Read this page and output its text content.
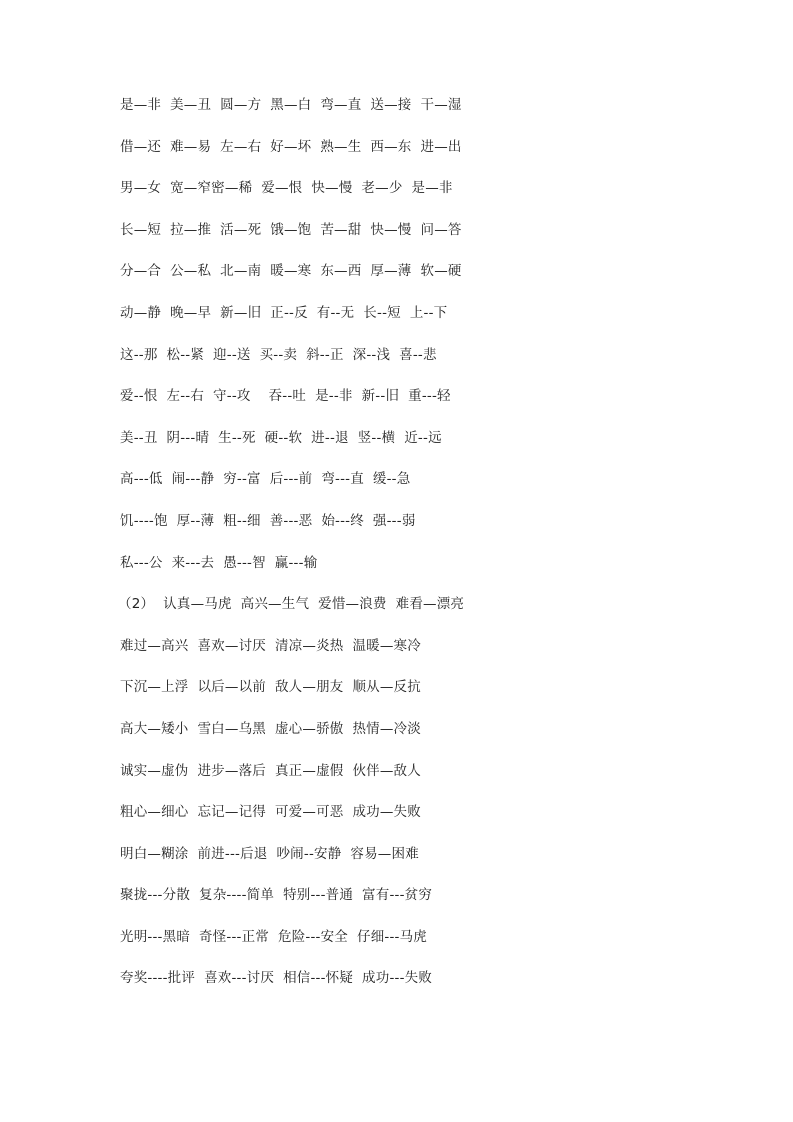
是—非  美—丑  圆—方  黑—白  弯—直  送—接  干—湿
借—还  难—易  左—右  好—坏  熟—生  西—东  进—出
男—女  宽—窄密—稀  爱—恨  快—慢  老—少  是—非
长—短  拉—推  活—死  饿—饱  苦—甜  快—慢  问—答
分—合  公—私  北—南  暖—寒  东—西  厚—薄  软—硬
动—静  晚—早  新—旧  正--反  有--无  长--短  上--下
这--那  松--紧  迎--送  买--卖  斜--正  深--浅  喜--悲
爱--恨  左--右  守--攻    吞--吐  是--非  新--旧  重---轻
美--丑  阴---晴  生--死  硬--软  进--退  竖--横  近--远
高---低  闹---静  穷--富  后---前  弯---直  缓--急
饥----饱  厚--薄  粗--细  善---恶  始---终  强---弱
私---公  来---去  愚---智  赢---输
（2）  认真—马虎  高兴—生气  爱惜—浪费  难看—漂亮
难过—高兴  喜欢—讨厌  清凉—炎热  温暖—寒冷
下沉—上浮  以后—以前  敌人—朋友  顺从—反抗
高大—矮小  雪白—乌黑  虚心—骄傲  热情—冷淡
诚实—虚伪  进步—落后  真正—虚假  伙伴—敌人
粗心—细心  忘记—记得  可爱—可恶  成功—失败
明白—糊涂  前进---后退  吵闹--安静  容易—困难
聚拢---分散  复杂----简单  特别---普通  富有---贫穷
光明---黑暗  奇怪---正常  危险---安全  仔细---马虎
夸奖----批评  喜欢---讨厌  相信---怀疑  成功---失败
